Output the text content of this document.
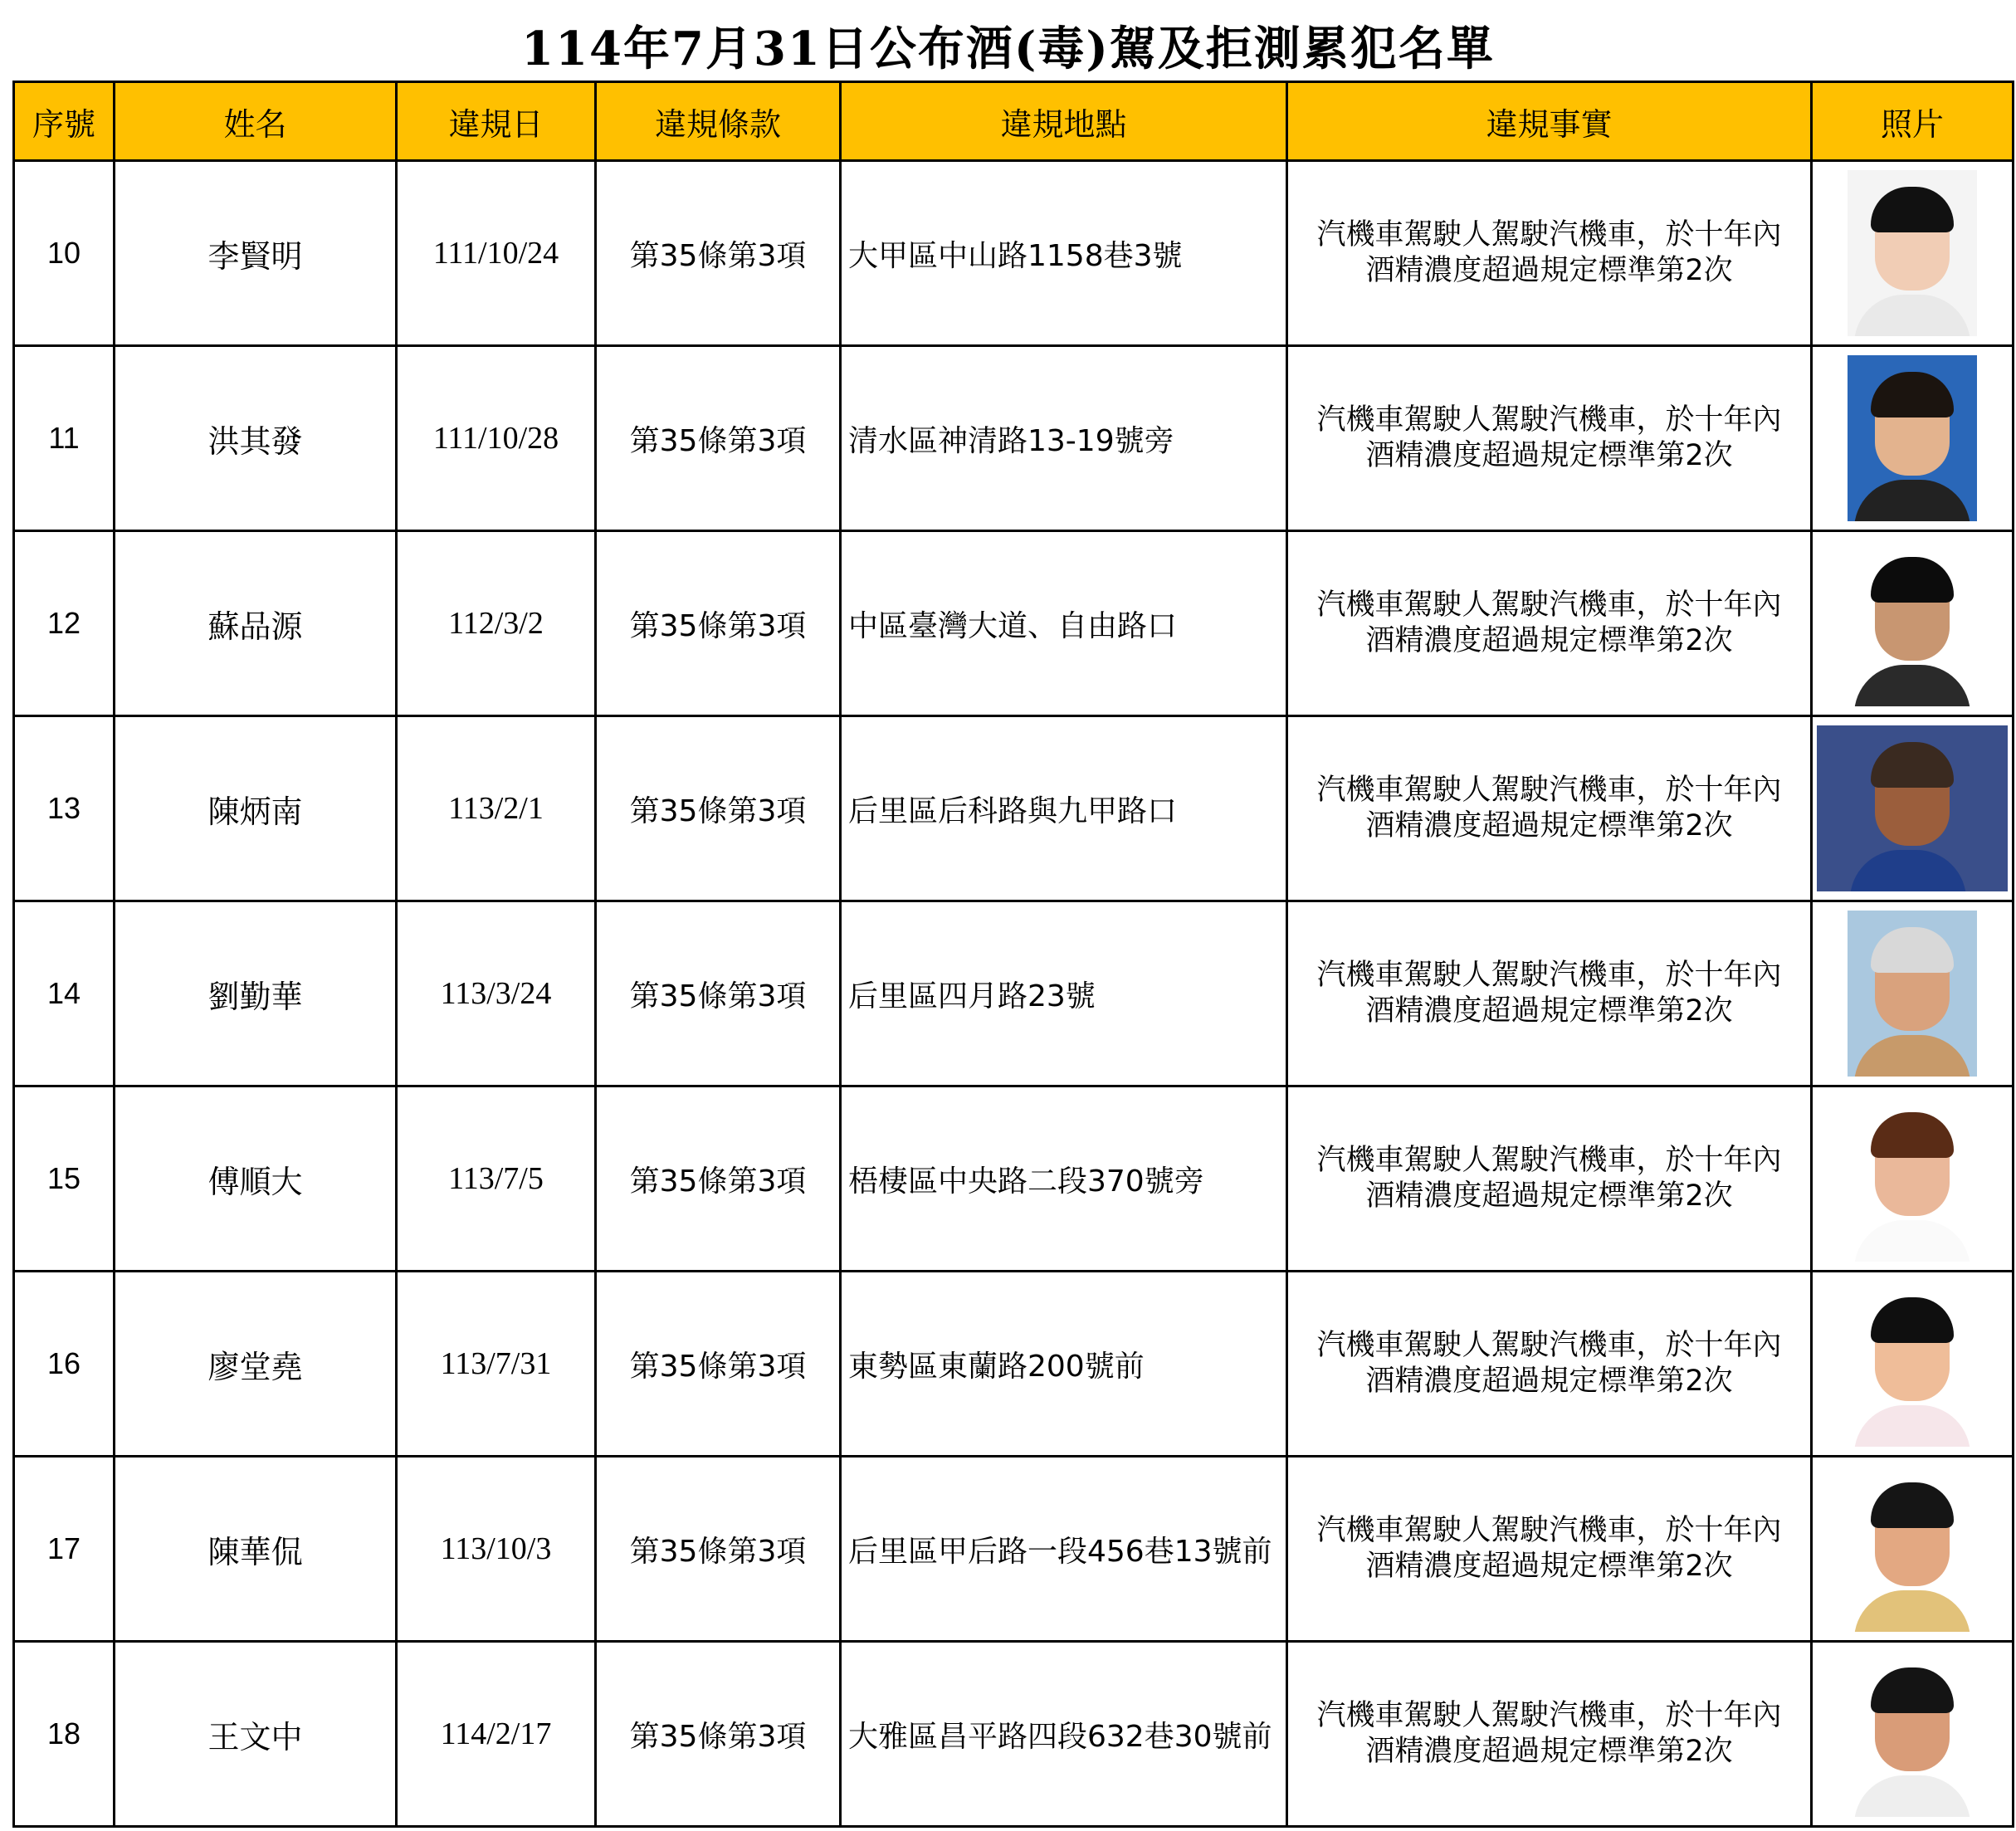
114年7月31日公布酒(毒)駕及拒測累犯名單
序號	姓名	違規日	違規條款	違規地點	違規事實	照片
10	李賢明	111/10/24	第35條第3項	大甲區中山路1158巷3號	汽機車駕駛人駕駛汽機車，於十年內
酒精濃度超過規定標準第2次	

11	洪其發	111/10/28	第35條第3項	清水區神清路13-19號旁	汽機車駕駛人駕駛汽機車，於十年內
酒精濃度超過規定標準第2次	

12	蘇品源	112/3/2	第35條第3項	中區臺灣大道、自由路口	汽機車駕駛人駕駛汽機車，於十年內
酒精濃度超過規定標準第2次	

13	陳炳南	113/2/1	第35條第3項	后里區后科路與九甲路口	汽機車駕駛人駕駛汽機車，於十年內
酒精濃度超過規定標準第2次	

14	劉勤華	113/3/24	第35條第3項	后里區四月路23號	汽機車駕駛人駕駛汽機車，於十年內
酒精濃度超過規定標準第2次	

15	傅順大	113/7/5	第35條第3項	梧棲區中央路二段370號旁	汽機車駕駛人駕駛汽機車，於十年內
酒精濃度超過規定標準第2次	

16	廖堂堯	113/7/31	第35條第3項	東勢區東蘭路200號前	汽機車駕駛人駕駛汽機車，於十年內
酒精濃度超過規定標準第2次	

17	陳華侃	113/10/3	第35條第3項	后里區甲后路一段456巷13號前	汽機車駕駛人駕駛汽機車，於十年內
酒精濃度超過規定標準第2次	

18	王文中	114/2/17	第35條第3項	大雅區昌平路四段632巷30號前	汽機車駕駛人駕駛汽機車，於十年內
酒精濃度超過規定標準第2次	
